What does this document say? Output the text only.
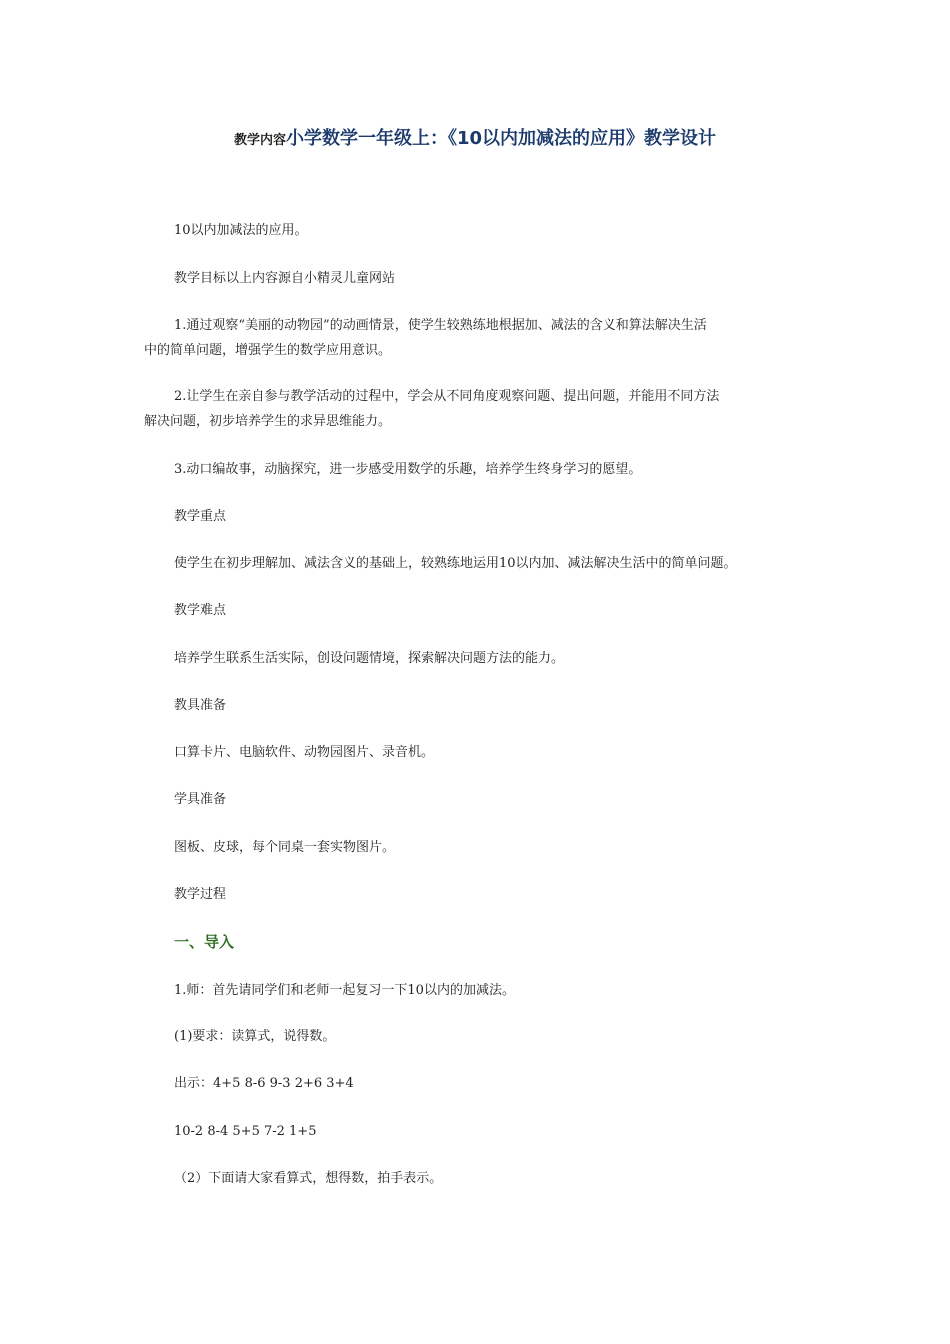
教学内容小学数学一年级上：《10以内加减法的应用》教学设计
10以内加减法的应用。
教学目标以上内容源自小精灵儿童网站
1.通过观察“美丽的动物园”的动画情景，使学生较熟练地根据加、减法的含义和算法解决生活
中的简单问题，增强学生的数学应用意识。
2.让学生在亲自参与教学活动的过程中，学会从不同角度观察问题、提出问题，并能用不同方法
解决问题，初步培养学生的求异思维能力。
3.动口编故事，动脑探究，进一步感受用数学的乐趣，培养学生终身学习的愿望。
教学重点
使学生在初步理解加、减法含义的基础上，较熟练地运用10以内加、减法解决生活中的简单问题。
教学难点
培养学生联系生活实际，创设问题情境，探索解决问题方法的能力。
教具准备
口算卡片、电脑软件、动物园图片、录音机。
学具准备
图板、皮球，每个同桌一套实物图片。
教学过程
一、导入
1.师：首先请同学们和老师一起复习一下10以内的加减法。
(1)要求：读算式，说得数。
出示：4+5 8-6 9-3 2+6 3+4
10-2 8-4 5+5 7-2 1+5
（2）下面请大家看算式，想得数，拍手表示。
